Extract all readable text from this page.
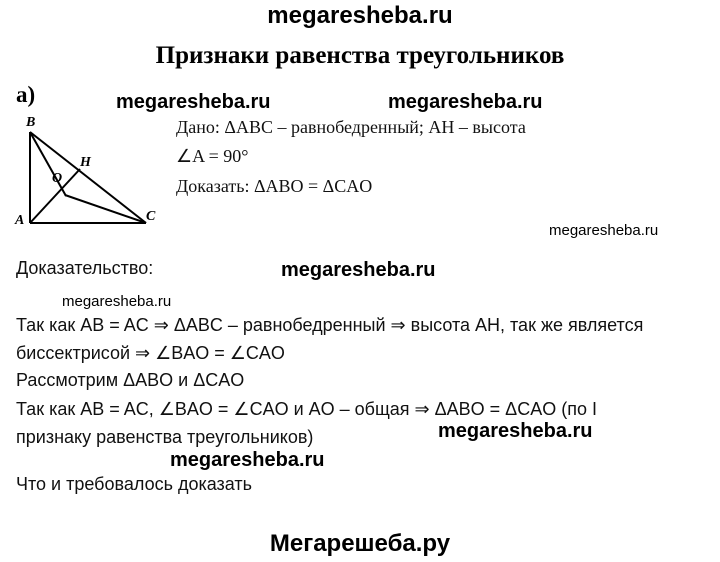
megaresheba.ru
Признаки равенства треугольников
а)	megaresheba.ru	megaresheba.ru
Дано: ΔABC – равнобедренный; AH – высота
∠A = 90°
Доказать: ΔABO = ΔCAO
B
H
O
A	C
megaresheba.ru
Доказательство:	megaresheba.ru
megaresheba.ru
Так как AB = AC ⇒ ΔABC – равнобедренный ⇒ высота AH, так же является
биссектрисой ⇒ ∠BAO = ∠CAO
Рассмотрим ΔABO и ΔCAO
Так как AB = AC, ∠BAO = ∠CAO и AO – общая ⇒ ΔABO = ΔCAO (по I
признаку равенства треугольников)	megaresheba.ru
megaresheba.ru
Что и требовалось доказать
Мегарешеба.ру
